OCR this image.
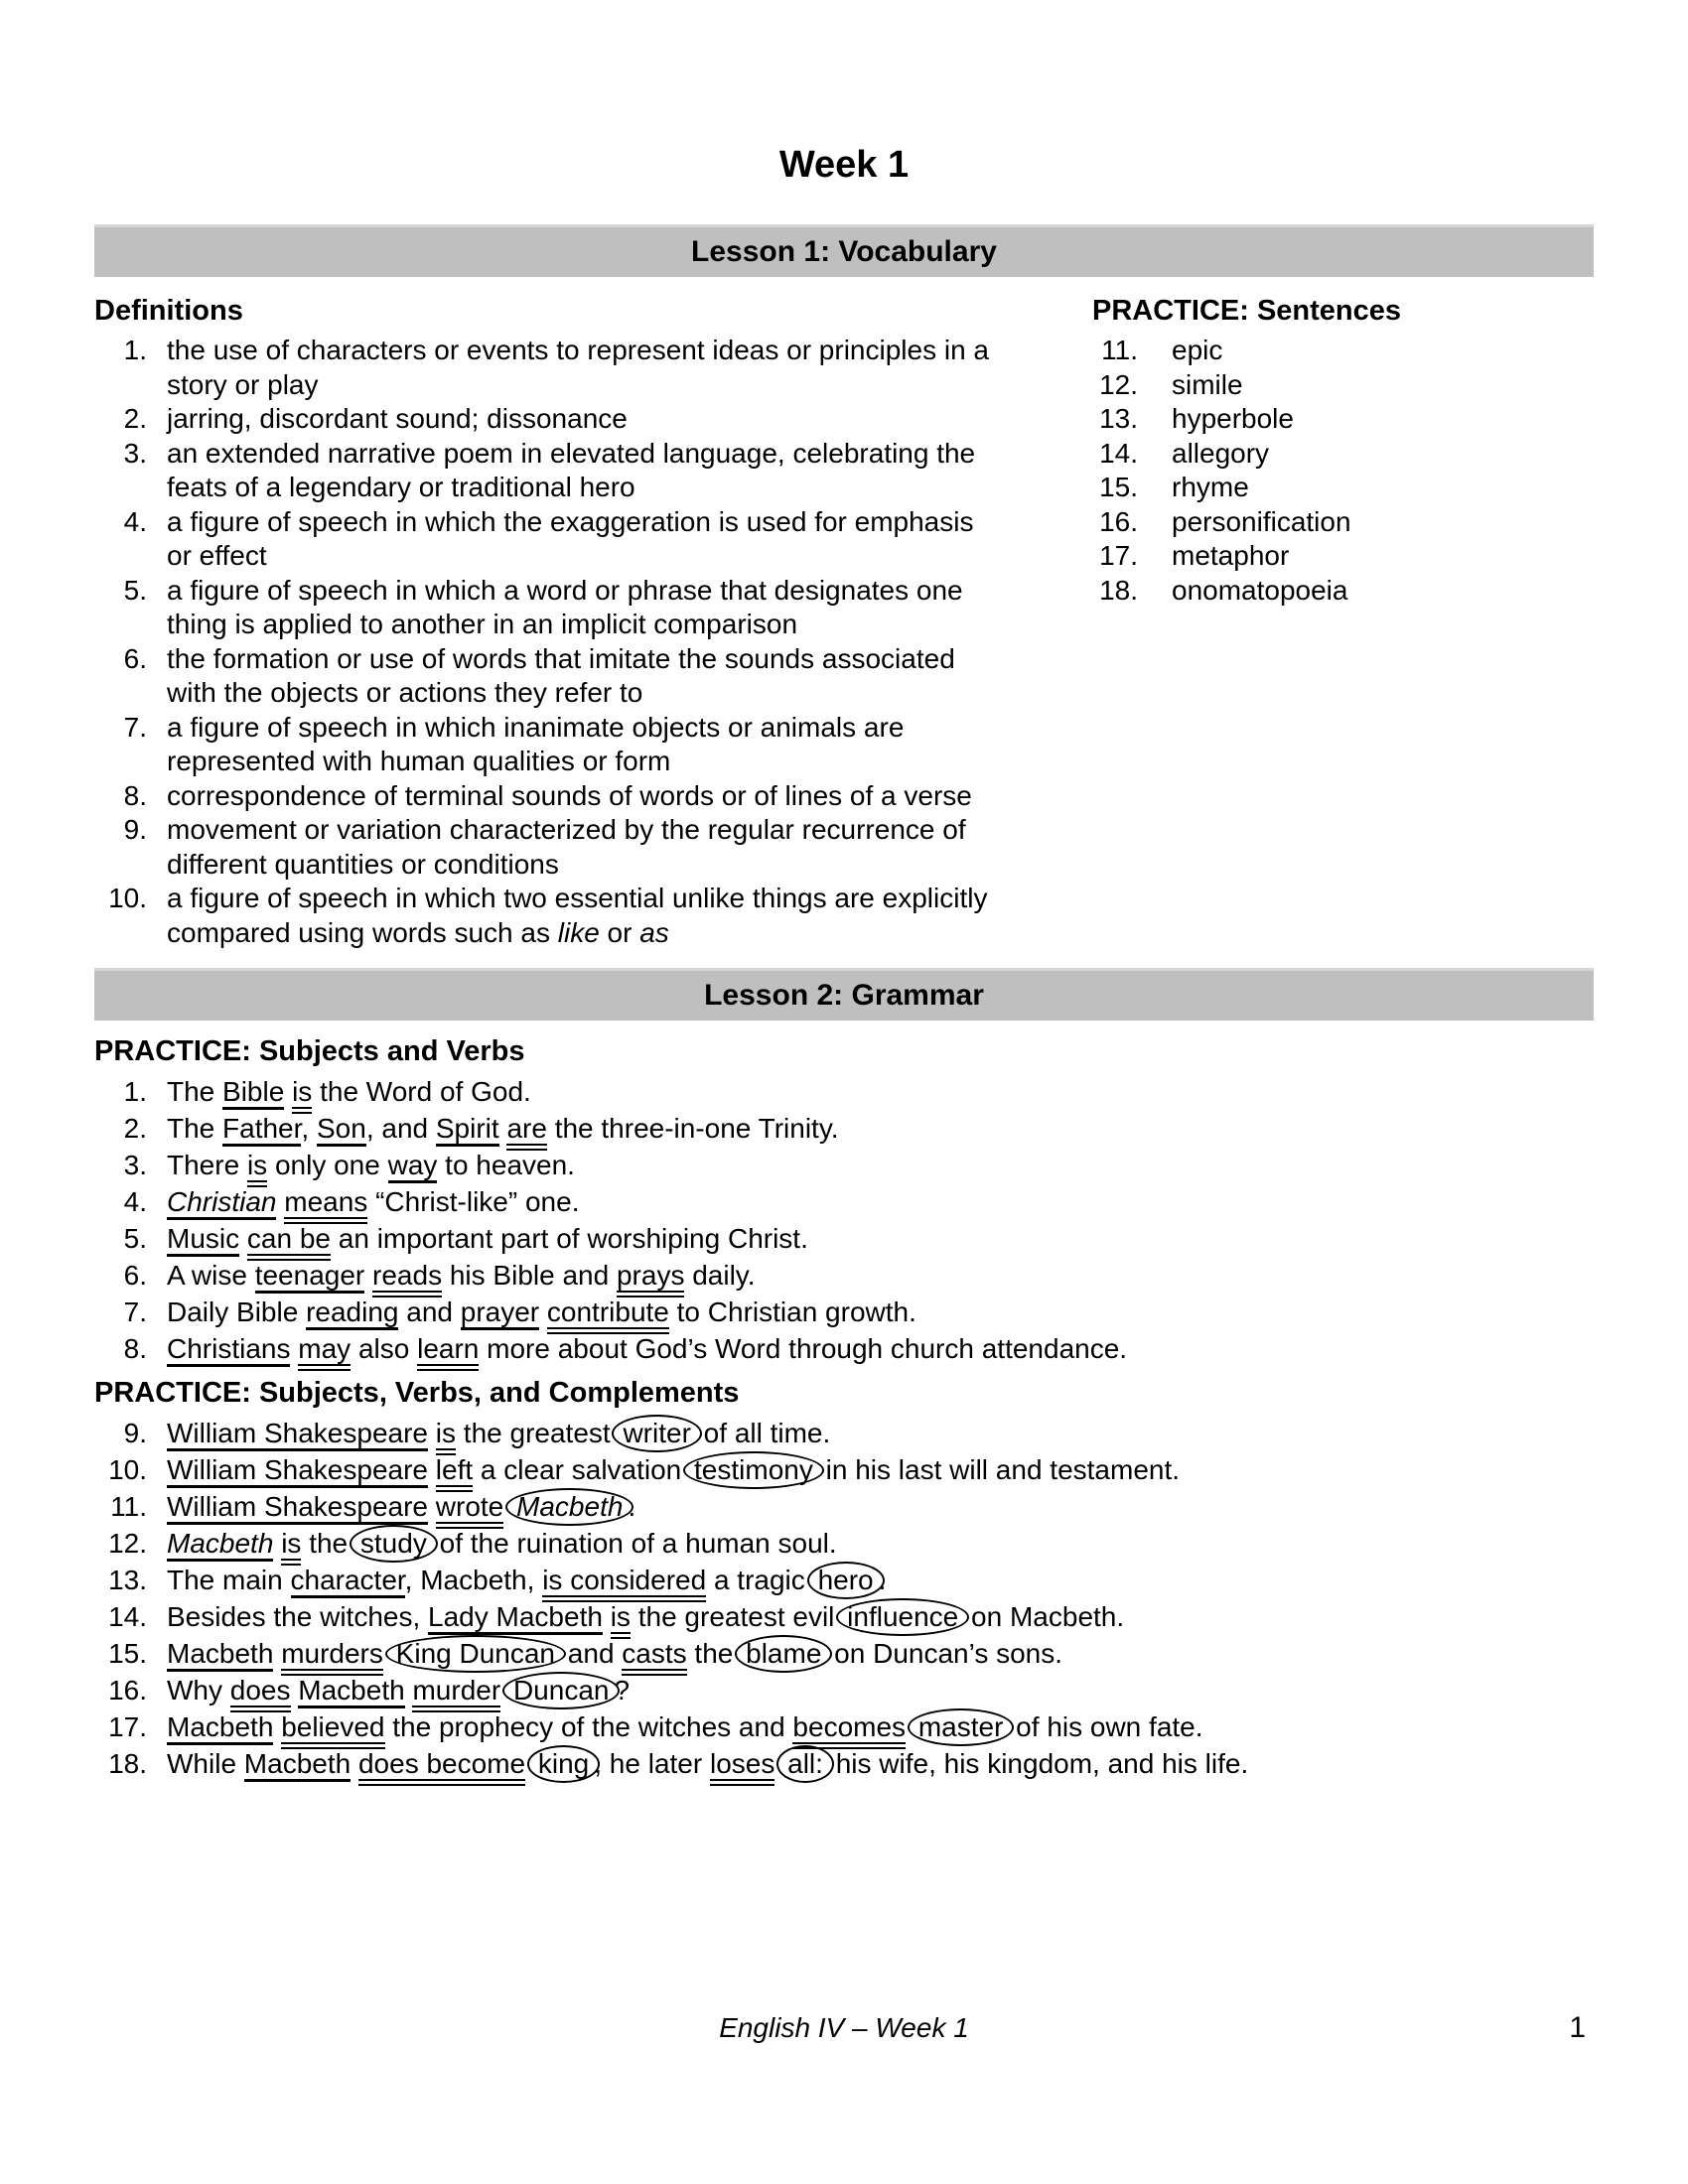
Week 1
Lesson 1: Vocabulary
Definitions
1. the use of characters or events to represent ideas or principles in a story or play
2. jarring, discordant sound; dissonance
3. an extended narrative poem in elevated language, celebrating the feats of a legendary or traditional hero
4. a figure of speech in which the exaggeration is used for emphasis or effect
5. a figure of speech in which a word or phrase that designates one thing is applied to another in an implicit comparison
6. the formation or use of words that imitate the sounds associated with the objects or actions they refer to
7. a figure of speech in which inanimate objects or animals are represented with human qualities or form
8. correspondence of terminal sounds of words or of lines of a verse
9. movement or variation characterized by the regular recurrence of different quantities or conditions
10. a figure of speech in which two essential unlike things are explicitly compared using words such as like or as
PRACTICE: Sentences
11. epic
12. simile
13. hyperbole
14. allegory
15. rhyme
16. personification
17. metaphor
18. onomatopoeia
Lesson 2: Grammar
PRACTICE: Subjects and Verbs
1. The Bible is the Word of God.
2. The Father, Son, and Spirit are the three-in-one Trinity.
3. There is only one way to heaven.
4. Christian means “Christ-like” one.
5. Music can be an important part of worshiping Christ.
6. A wise teenager reads his Bible and prays daily.
7. Daily Bible reading and prayer contribute to Christian growth.
8. Christians may also learn more about God’s Word through church attendance.
PRACTICE: Subjects, Verbs, and Complements
9. William Shakespeare is the greatest writer of all time.
10. William Shakespeare left a clear salvation testimony in his last will and testament.
11. William Shakespeare wrote Macbeth .
12. Macbeth is the study of the ruination of a human soul.
13. The main character, Macbeth, is considered a tragic hero .
14. Besides the witches, Lady Macbeth is the greatest evil influence on Macbeth.
15. Macbeth murders King Duncan and casts the blame on Duncan’s sons.
16. Why does Macbeth murder Duncan ?
17. Macbeth believed the prophecy of the witches and becomes master of his own fate.
18. While Macbeth does become king , he later loses all: his wife, his kingdom, and his life.
English IV – Week 1	1
